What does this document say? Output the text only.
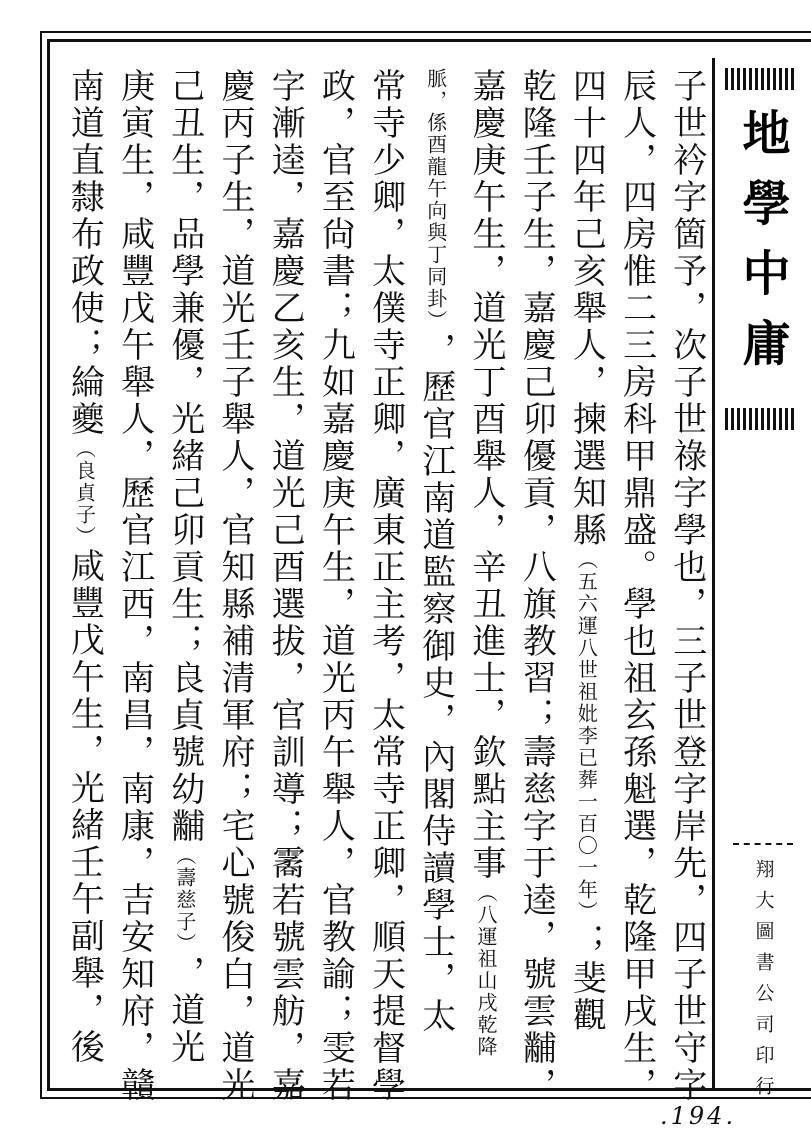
子世衿字箇予，次子世祿字學也，三子世登字岸先，四子世守字
辰人，四房惟二三房科甲鼎盛。學也祖玄孫魁選，乾隆甲戌生，
四十四年己亥舉人，揀選知縣
（五六運八世祖妣李已葬一百〇一年）
；斐觀
乾隆壬子生，嘉慶己卯優貢，八旗教習；壽慈字于逵，號雲黼，
嘉慶庚午生，道光丁酉舉人，辛丑進士，欽點主事
（八運祖山戌乾降
脈，係酉龍午向與丁同卦）
，歷官江南道監察御史，內閣侍讀學士，太
常寺少卿，太僕寺正卿，廣東正主考，太常寺正卿，順天提督學
政，官至尙書；九如嘉慶庚午生，道光丙午舉人，官教諭；雯若
字漸逵，嘉慶乙亥生，道光己酉選拔，官訓導；霱若號雲舫，嘉
慶丙子生，道光壬子舉人，官知縣補清軍府；宅心號俊白，道光
己丑生，品學兼優，光緒己卯貢生；良貞號幼黼
（壽慈子）
，道光
庚寅生，咸豐戊午舉人，歷官江西，南昌，南康，吉安知府，贛
南道直隸布政使；綸夔
（良貞子）
咸豐戊午生，光緒壬午副舉，後
地學中庸
翔大圖書公司印行
.194.
